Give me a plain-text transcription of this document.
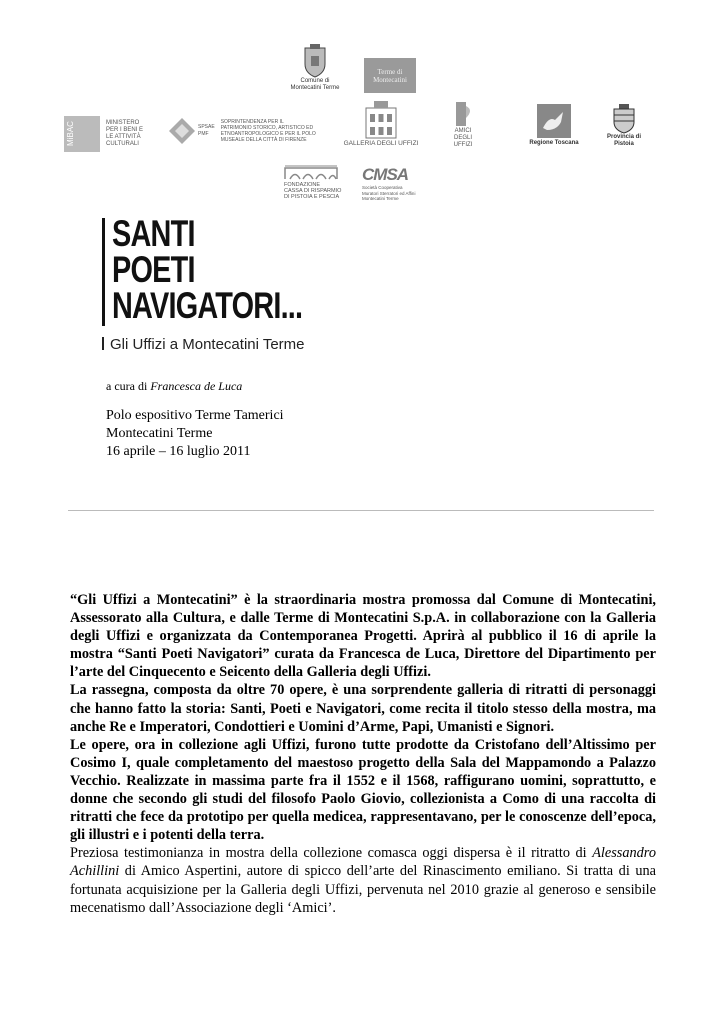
Comune di
Montecatini Terme
Terme di
Montecatini
MiBAC	MINISTERO
PER I BENI E
LE ATTIVITÀ
CULTURALI
SPSAE
PMF
SOPRINTENDENZA PER IL
PATRIMONIO STORICO, ARTISTICO ED
ETNOANTROPOLOGICO E PER IL POLO
MUSEALE DELLA CITTÀ DI FIRENZE	GALLERIA DEGLI UFFIZI
AMICI DEGLI
UFFIZI	Regione Toscana
Provincia di
Pistoia
FONDAZIONE
CASSA DI RISPARMIO
DI PISTOIA E PESCIA
CMSA
Società Cooperativa
Muratori Sterratori ed Affini
Montecatini Terme
SANTI
POETI
NAVIGATORI...
Gli Uffizi a Montecatini Terme
a cura di Francesca de Luca
Polo espositivo Terme Tamerici
Montecatini Terme
16 aprile – 16 luglio 2011

“Gli Uffizi a Montecatini” è la straordinaria mostra promossa dal Comune di Montecatini, Assessorato alla Cultura, e dalle Terme di Montecatini S.p.A. in collaborazione con la Galleria degli Uffizi e organizzata da Contemporanea Progetti. Aprirà al pubblico il 16 di aprile la mostra “Santi Poeti Navigatori” curata da Francesca de Luca, Direttore del Dipartimento per l’arte del Cinquecento e Seicento della Galleria degli Uffizi.

La rassegna, composta da oltre 70 opere, è una sorprendente galleria di ritratti di personaggi che hanno fatto la storia: Santi, Poeti e Navigatori, come recita il titolo stesso della mostra, ma anche Re e Imperatori, Condottieri e Uomini d’Arme, Papi, Umanisti e Signori.

Le opere, ora in collezione agli Uffizi, furono tutte prodotte da Cristofano dell’Altissimo per Cosimo I, quale completamento del maestoso progetto della Sala del Mappamondo a Palazzo Vecchio. Realizzate in massima parte fra il 1552 e il 1568, raffigurano uomini, soprattutto, e donne che secondo gli studi del filosofo Paolo Giovio, collezionista a Como di una raccolta di ritratti che fece da prototipo per quella medicea, rappresentavano, per le conoscenze dell’epoca, gli illustri e i potenti della terra.

Preziosa testimonianza in mostra della collezione comasca oggi dispersa è il ritratto di Alessandro Achillini di Amico Aspertini, autore di spicco dell’arte del Rinascimento emiliano. Si tratta di una fortunata acquisizione per la Galleria degli Uffizi, pervenuta nel 2010 grazie al generoso e sensibile mecenatismo dall’Associazione degli ‘Amici’.
